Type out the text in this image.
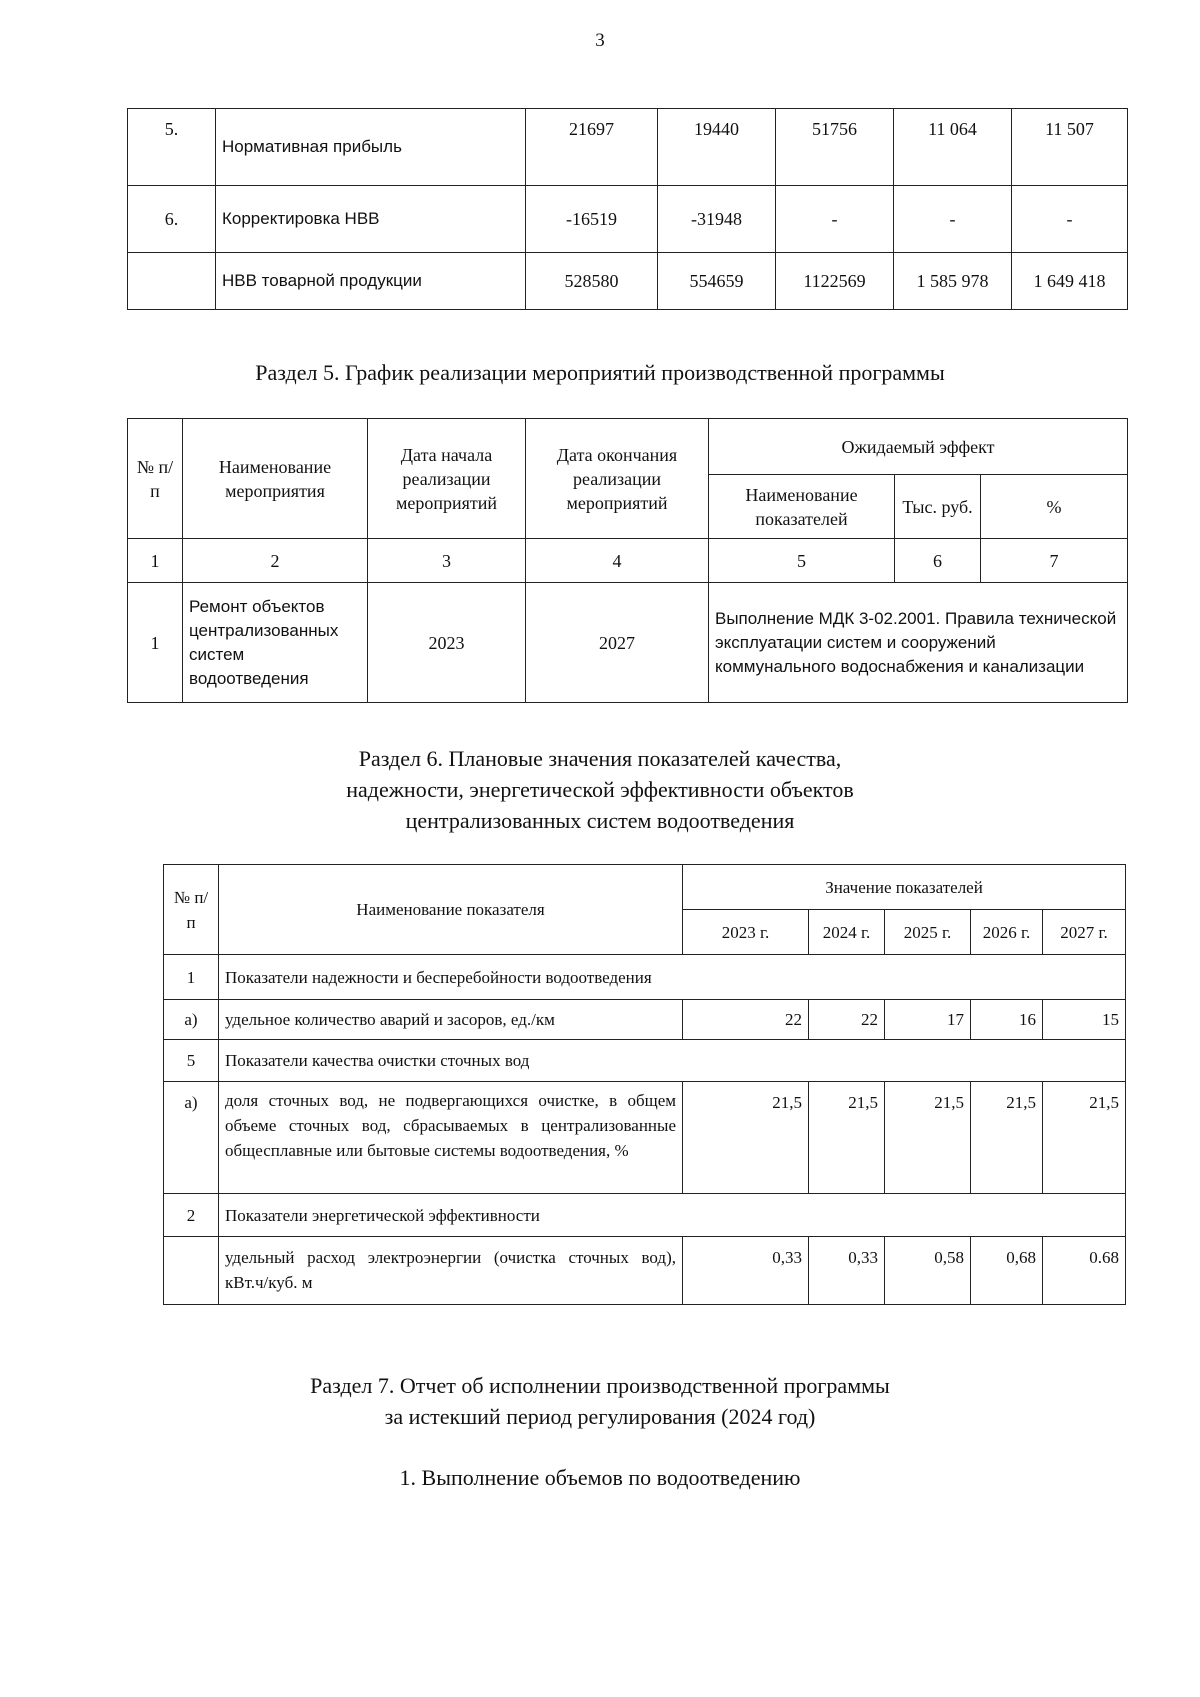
3
5.	Нормативная прибыль	21697	19440	51756	11 064	11 507
6.	Корректировка НВВ	-16519	-31948	-	-	-
	НВВ товарной продукции	528580	554659	1122569	1 585 978	1 649 418
Раздел 5. График реализации мероприятий производственной программы
№ п/п	Наименование мероприятия	Дата начала реализации мероприятий	Дата окончания реализации мероприятий	Ожидаемый эффект		
				Наименование показателей	Тыс. руб.	%
1	2	3	4	5	6	7
1	Ремонт объектов централизованных систем водоотведения	2023	2027	Выполнение МДК 3-02.2001. Правила технической эксплуатации систем и сооружений коммунального водоснабжения и канализации		
Раздел 6. Плановые значения показателей качества,
надежности, энергетической эффективности объектов
централизованных систем водоотведения
№ п/п	Наименование показателя	Значение показателей				
		2023 г.	2024 г.	2025 г.	2026 г.	2027 г.
1	Показатели надежности и бесперебойности водоотведения					
а)	удельное количество аварий и засоров, ед./км	22	22	17	16	15
5	Показатели качества очистки сточных вод					
а)	доля сточных вод, не подвергающихся очистке, в общем объеме сточных вод, сбрасываемых в централизованные общесплавные или бытовые системы водоотведения, %	21,5	21,5	21,5	21,5	21,5
2	Показатели энергетической эффективности					
	удельный расход электроэнергии (очистка сточных вод), кВт.ч/куб. м	0,33	0,33	0,58	0,68	0.68
Раздел 7. Отчет об исполнении производственной программы
за истекший период регулирования (2024 год)
1. Выполнение объемов по водоотведению
